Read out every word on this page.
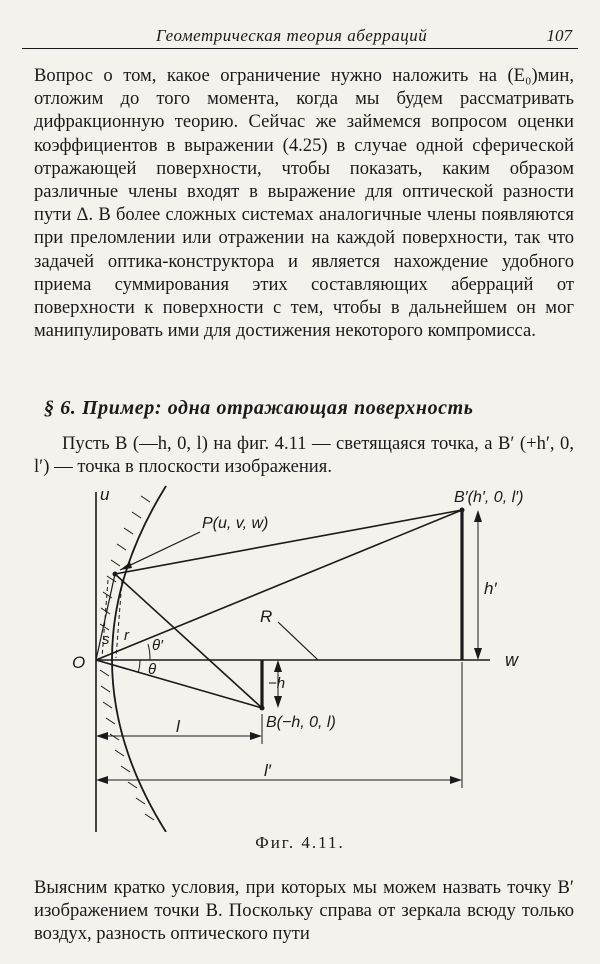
Геометрическая теория аберраций	107
Вопрос о том, какое ограничение нужно наложить на (E₀)мин, отложим до того момента, когда мы будем рассматривать дифракционную теорию. Сейчас же займемся вопросом оценки коэффициентов в выражении (4.25) в случае одной сферической отражающей поверхности, чтобы показать, каким образом различные члены входят в выражение для оптической разности пути Δ. В более сложных системах аналогичные члены появляются при преломлении или отражении на каждой поверхности, так что задачей оптика-конструктора и является нахождение удобного приема суммирования этих составляющих аберраций от поверхности к поверхности с тем, чтобы в дальнейшем он мог манипулировать ими для достижения некоторого компромисса.
§ 6. Пример: одна отражающая поверхность
Пусть B (—h, 0, l) на фиг. 4.11 — светящаяся точка, а B′ (+h′, 0, l′) — точка в плоскости изображения.
u
w
O
P(u, v, w)
B′(h′, 0, l′)
B(−h, 0, l)
h′
R
θ′
θ
s r
−h
l
l′
Фиг. 4.11.
Выясним кратко условия, при которых мы можем назвать точку B′ изображением точки B. Поскольку справа от зеркала всюду только воздух, разность оптического пути
